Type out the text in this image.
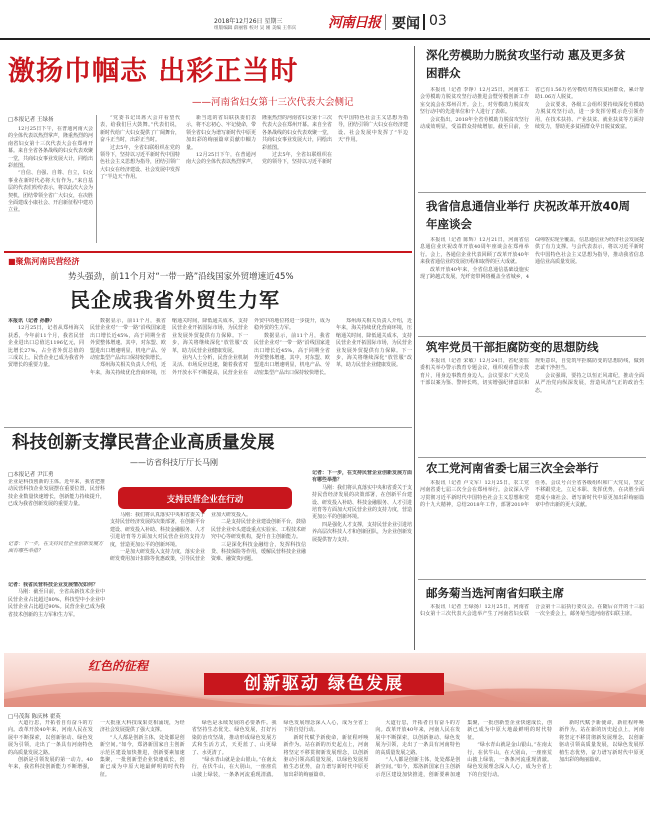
2018年12月26日 星期三
组版编辑 薛丽蓉 校对 吴 刚 美编 王伟宾 河南日报 要闻 03
激扬巾帼志 出彩正当时
——河南省妇女第十三次代表大会侧记
□本报记者 王绿扬

12月25日下午，在普通河南大会的全体代表以热烈掌声，隆重热烈的河南省妇女第十三次代表大会在郑州开幕。来自全省各条战线的妇女代表欢聚一堂，共商妇女事业发展大计，同绘出彩蓝图。

“自信、自强、自尊、自立，妇女事业在新时代必将大有作为。”来自基层的代表们纷纷表示，将以此次大会为契机，团结带领全省广大妇女，在决胜全面建成小康社会、开启新征程中建功立业。

“党委书记出席大会并看望代表，给我们巨大鼓舞。”代表们说，新时代给广大妇女提供了广阔舞台，奋斗正当时，出彩正当时。

过去5年，全省妇联组织在党的领导下，坚持以习近平新时代中国特色社会主义思想为指导，团结引领广大妇女在经济建设、社会发展中发挥了“半边天”作用。

新当选的省妇联执委们表示，将不忘初心、牢记使命，带领全省妇女为谱写新时代中原更加出彩的绚丽篇章贡献巾帼力量。

12月25日下午，在普通河南大会的全体代表以热烈掌声，隆重热烈的河南省妇女第十三次代表大会在郑州开幕。来自全省各条战线的妇女代表欢聚一堂，共商妇女事业发展大计，同绘出彩蓝图。

过去5年，全省妇联组织在党的领导下，坚持以习近平新时代中国特色社会主义思想为指导，团结引领广大妇女在经济建设、社会发展中发挥了“半边天”作用。

深化劳模助力脱贫攻坚行动 惠及更多贫困群众

本报讯（记者 李铮）12月25日，河南省工会劳模助力脱贫攻坚行动推进会暨劳模创新工作室交流会在郑州召开。会上，对劳模助力脱贫攻坚行动中的先进单位和个人进行了表彰。

会议指出，2018年全省劳模助力脱贫攻坚行动成效明显，受益群众持续增加。截至目前，全省已有1.56万名劳模结对帮扶贫困群众，累计帮助1.06万人脱贫。

会议要求，各级工会组织要持续深化劳模助力脱贫攻坚行动，进一步发挥劳模示范引领作用，在技术扶持、产业扶贫、就业扶贫等方面持续发力，帮助更多贫困群众早日脱贫致富。

我省信息通信业举行 庆祝改革开放40周年座谈会

本报讯（记者 陈辉）12月21日，河南省信息通信业庆祝改革开放40周年座谈会在郑州举行。会上，各通信企业代表回顾了改革开放40年来我省通信业的发展历程和取得的巨大成就。

改革开放40年来，全省信息通信基础设施实现了跨越式发展，光纤宽带网络覆盖全省城乡，4G网络实现全覆盖，信息通信业为经济社会发展提供了有力支撑。与会代表表示，将以习近平新时代中国特色社会主义思想为指导，推动我省信息通信业高质量发展。

筑牢党员干部拒腐防变的思想防线

本报讯（记者 宋敏）12月24日，省纪委监委机关举办警示教育专题会议，组织观看警示教育片，用身边事教育身边人。会议要求广大党员干部以案为鉴、警钟长鸣，切实增强纪律意识和规矩意识，自觉筑牢拒腐防变的思想防线，做到忠诚干净担当。

会议强调，要持之以恒正风肃纪，推动全面从严治党向纵深发展，营造风清气正的政治生态。

农工党河南省委七届三次全会举行

本报讯（记者 卢文军）12月25日，农工党河南省委七届三次全会在郑州举行。会议深入学习贯彻习近平新时代中国特色社会主义思想和党的十九大精神，总结2018年工作，部署2019年任务。会议号召全省各级组织和广大党员，坚定不移跟党走，立足本职、发挥优势，在决胜全面建成小康社会、谱写新时代中原更加出彩绚丽篇章中作出新的更大贡献。

邮务菊当选河南省妇联主席

本报讯（记者 王绿扬）12月25日，河南省妇女第十三次代表大会选举产生了河南省妇女联合会第十三届执行委员会。在随后召开的十三届一次全委会上，邮务菊当选河南省妇联主席。

■聚焦河南民营经济
势头强劲，前11个月对“一带一路”沿线国家外贸增速近45%
民企成我省外贸生力军

本报讯（记者 孙静）

12月25日，记者从郑州海关获悉，今年前11个月，我省民营企业进出口总值达1196亿元，同比增长27%，占全省外贸总值的三成以上。民营企业已成为我省外贸增长的重要力量。

数据显示，前11个月，我省民营企业对“一带一路”沿线国家进出口增长近45%，高于同期全省外贸整体增速。其中，对东盟、欧盟进出口增速明显，机电产品、劳动密集型产品出口保持较快增长。

郑州海关相关负责人介绍，近年来，海关持续优化营商环境，压缩通关时间，降低通关成本，支持民营企业开拓国际市场，为民营企业发展外贸提供有力保障。下一步，海关将继续深化“放管服”改革，助力民营企业健康发展。

业内人士分析，民营企业机制灵活、市场反应迅速，随着我省对外开放水平不断提高，民营企业在外贸中的地位将进一步提升，成为稳外贸的生力军。

数据显示，前11个月，我省民营企业对“一带一路”沿线国家进出口增长近45%，高于同期全省外贸整体增速。其中，对东盟、欧盟进出口增速明显，机电产品、劳动密集型产品出口保持较快增长。

郑州海关相关负责人介绍，近年来，海关持续优化营商环境，压缩通关时间，降低通关成本，支持民营企业开拓国际市场，为民营企业发展外贸提供有力保障。下一步，海关将继续深化“放管服”改革，助力民营企业健康发展。

科技创新支撑民营企业高质量发展
——访省科技厅厅长马刚
□本报记者 尹江勇
企业是科技创新的主体。近年来，我省把推动民营科技企业发展摆在重要位置，民营科技企业数量快速增长，创新能力持续提升，已成为我省创新发展的重要力量。
记者：下一步，在支持民营企业创新发展方面有哪些举措？

记者：我省民营科技企业发展情况如何？

马刚：截至目前，全省高新技术企业中民营企业占比超过80%，科技型中小企业中民营企业占比超过90%。民营企业已成为我省技术创新的主力军和生力军。

支持民营企业在行动

马刚：我们将认真落实中央和省委关于支持民营经济发展的决策部署，在创新平台建设、研发投入补助、科技金融服务、人才引进培育等方面加大对民营企业的支持力度，营造更加公平的创新环境。

一是加大研发投入支持力度，落实企业研发费用加计扣除等优惠政策，引导民营企业加大研发投入。

二是支持民营企业建设创新平台，鼓励民营企业牵头建设重点实验室、工程技术研究中心等研发机构，提升自主创新能力。

三是深化科技金融结合，发挥科技信贷、科技保险等作用，缓解民营科技企业融资难、融资贵问题。

记者：下一步，在支持民营企业创新发展方面有哪些举措？

马刚：我们将认真落实中央和省委关于支持民营经济发展的决策部署，在创新平台建设、研发投入补助、科技金融服务、人才引进培育等方面加大对民营企业的支持力度，营造更加公平的创新环境。

四是强化人才支撑，支持民营企业引进培养高层次科技人才和创新团队，为企业创新发展提供智力支持。

红色的征程
创新驱动 绿色发展
□马茂海 陈庆林 翟英

大道行思，开拓者自有奋斗的方向。改革开放40年来，河南人民在发展中不断探索，以创新驱动、绿色发展为引领，走出了一条具有河南特色的高质量发展之路。

创新是引领发展的第一动力。40年来，我省科技创新能力不断增强，一大批重大科技成果竞相涌现，为经济社会发展提供了强大支撑。

“人人都是创新主体，处处都是创新空间。”如今，郑洛新国家自主创新示范区建设加快推进，创新要素加速集聚，一批创新型企业快速成长，创新已成为中原大地最鲜明的时代特征。

绿色是永续发展的必要条件。我省坚持生态优先、绿色发展，打好污染防治攻坚战，推动形成绿色发展方式和生活方式，天更蓝了、山更绿了、水更清了。

“绿水青山就是金山银山。”在南太行，在伏牛山，在大别山，一座座荒山披上绿装，一条条河流重现清澈。绿色发展理念深入人心，成为全省上下的自觉行动。

新时代赋予新使命，新征程呼唤新作为。站在新的历史起点上，河南将坚定不移贯彻新发展理念，以创新驱动引领高质量发展，以绿色发展厚植生态优势，奋力谱写新时代中原更加出彩的绚丽篇章。

大道行思，开拓者自有奋斗的方向。改革开放40年来，河南人民在发展中不断探索，以创新驱动、绿色发展为引领，走出了一条具有河南特色的高质量发展之路。

“人人都是创新主体，处处都是创新空间。”如今，郑洛新国家自主创新示范区建设加快推进，创新要素加速集聚，一批创新型企业快速成长，创新已成为中原大地最鲜明的时代特征。

“绿水青山就是金山银山。”在南太行，在伏牛山，在大别山，一座座荒山披上绿装，一条条河流重现清澈。绿色发展理念深入人心，成为全省上下的自觉行动。

新时代赋予新使命，新征程呼唤新作为。站在新的历史起点上，河南将坚定不移贯彻新发展理念，以创新驱动引领高质量发展，以绿色发展厚植生态优势，奋力谱写新时代中原更加出彩的绚丽篇章。
